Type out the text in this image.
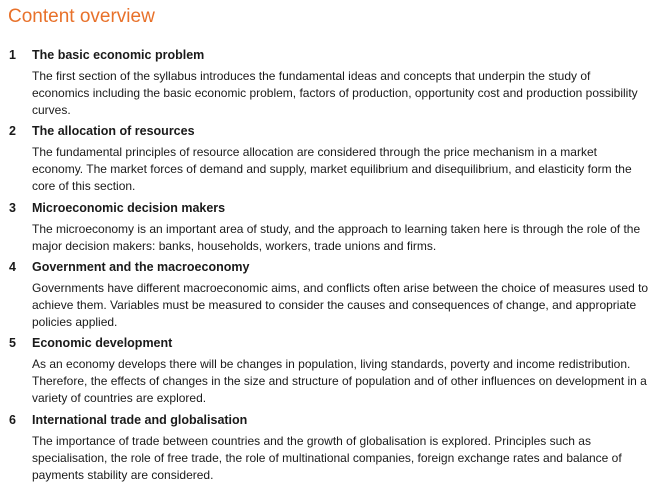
Content overview
1 The basic economic problem
The first section of the syllabus introduces the fundamental ideas and concepts that underpin the study of economics including the basic economic problem, factors of production, opportunity cost and production possibility curves.
2 The allocation of resources
The fundamental principles of resource allocation are considered through the price mechanism in a market economy. The market forces of demand and supply, market equilibrium and disequilibrium, and elasticity form the core of this section.
3 Microeconomic decision makers
The microeconomy is an important area of study, and the approach to learning taken here is through the role of the major decision makers: banks, households, workers, trade unions and firms.
4 Government and the macroeconomy
Governments have different macroeconomic aims, and conflicts often arise between the choice of measures used to achieve them. Variables must be measured to consider the causes and consequences of change, and appropriate policies applied.
5 Economic development
As an economy develops there will be changes in population, living standards, poverty and income redistribution. Therefore, the effects of changes in the size and structure of population and of other influences on development in a variety of countries are explored.
6 International trade and globalisation
The importance of trade between countries and the growth of globalisation is explored. Principles such as specialisation, the role of free trade, the role of multinational companies, foreign exchange rates and balance of payments stability are considered.
